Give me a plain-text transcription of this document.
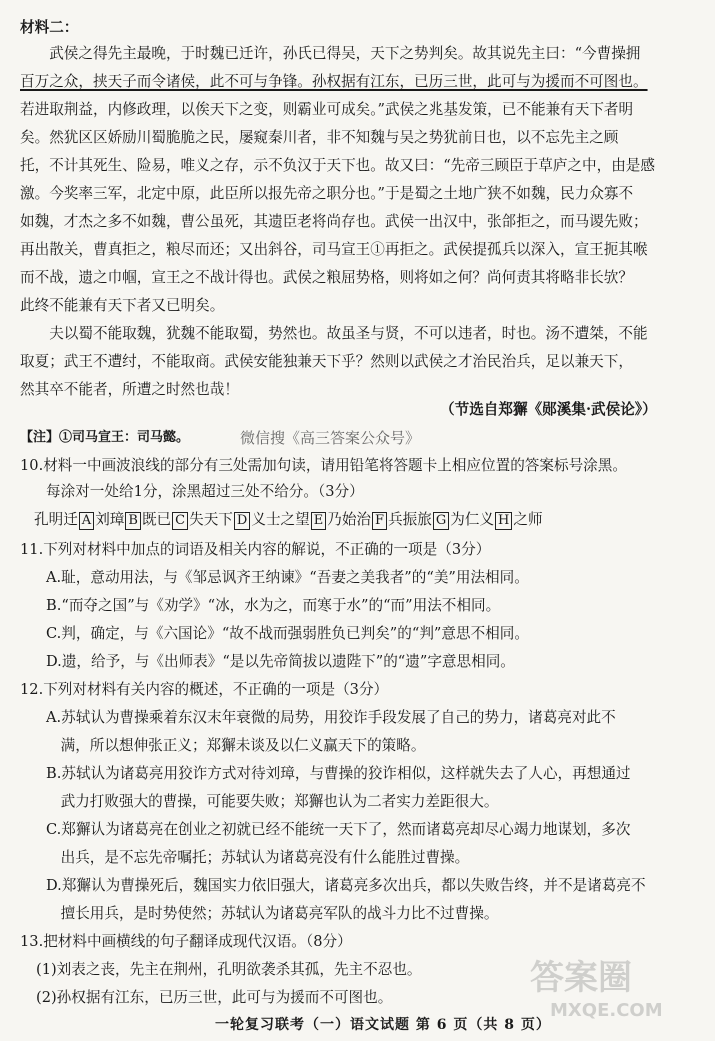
材料二：
　　武侯之得先主最晚，于时魏已迁许，孙氏已得吴，天下之势判矣。故其说先主曰：“今曹操拥
百万之众，挟天子而令诸侯，此不可与争锋。孙权据有江东，已历三世，此可与为援而不可图也。
若进取荆益，内修政理，以俟天下之变，则霸业可成矣。”武侯之兆基发策，已不能兼有天下者明
矣。然犹区区娇励川蜀脆脆之民，屡窥秦川者，非不知魏与吴之势犹前日也，以不忘先主之顾
托，不计其死生、险易，唯义之存，示不负汉于天下也。故又曰：“先帝三顾臣于草庐之中，由是感
激。今奖率三军，北定中原，此臣所以报先帝之职分也。”于是蜀之土地广狭不如魏，民力众寡不
如魏，才杰之多不如魏，曹公虽死，其遗臣老将尚存也。武侯一出汉中，张郃拒之，而马谡先败；
再出散关，曹真拒之，粮尽而还；又出斜谷，司马宣王①再拒之。武侯提孤兵以深入，宣王扼其喉
而不战，遗之巾帼，宣王之不战计得也。武侯之粮屈势格，则将如之何？尚何责其将略非长欤？
此终不能兼有天下者又已明矣。
　　夫以蜀不能取魏，犹魏不能取蜀，势然也。故虽圣与贤，不可以违者，时也。汤不遭桀，不能
取夏；武王不遭纣，不能取商。武侯安能独兼天下乎？然则以武侯之才治民治兵，足以兼天下，
然其卒不能者，所遭之时然也哉！
（节选自郑獬《郧溪集·武侯论》）
【注】①司马宣王：司马懿。	微信搜《高三答案公众号》
10.材料一中画波浪线的部分有三处需加句读，请用铅笔将答题卡上相应位置的答案标号涂黑。
每涂对一处给1分，涂黑超过三处不给分。（3分）
孔明迁 A 刘璋 B 既已 C 失天下 D 义士之望 E 乃始治 F 兵振旅 G 为仁义 H 之师
11.下列对材料中加点的词语及相关内容的解说，不正确的一项是（3分）
A.耻，意动用法，与《邹忌讽齐王纳谏》“吾妻之美我者”的“美”用法相同。
B.“而夺之国”与《劝学》“冰，水为之，而寒于水”的“而”用法不相同。
C.判，确定，与《六国论》“故不战而强弱胜负已判矣”的“判”意思不相同。
D.遗，给予，与《出师表》“是以先帝简拔以遗陛下”的“遗”字意思相同。
12.下列对材料有关内容的概述，不正确的一项是（3分）
A.苏轼认为曹操乘着东汉末年衰微的局势，用狡诈手段发展了自己的势力，诸葛亮对此不
　满，所以想伸张正义；郑獬未谈及以仁义赢天下的策略。
B.苏轼认为诸葛亮用狡诈方式对待刘璋，与曹操的狡诈相似，这样就失去了人心，再想通过
　武力打败强大的曹操，可能要失败；郑獬也认为二者实力差距很大。
C.郑獬认为诸葛亮在创业之初就已经不能统一天下了，然而诸葛亮却尽心竭力地谋划，多次
　出兵，是不忘先帝嘱托；苏轼认为诸葛亮没有什么能胜过曹操。
D.郑獬认为曹操死后，魏国实力依旧强大，诸葛亮多次出兵，都以失败告终，并不是诸葛亮不
　擅长用兵，是时势使然；苏轼认为诸葛亮军队的战斗力比不过曹操。
13.把材料中画横线的句子翻译成现代汉语。（8分）
(1)刘表之丧，先主在荆州，孔明欲袭杀其孤，先主不忍也。
(2)孙权据有江东，已历三世，此可与为援而不可图也。	答案圈
MXQE.COM
一轮复习联考（一）语文试题 第 6 页（共 8 页）
